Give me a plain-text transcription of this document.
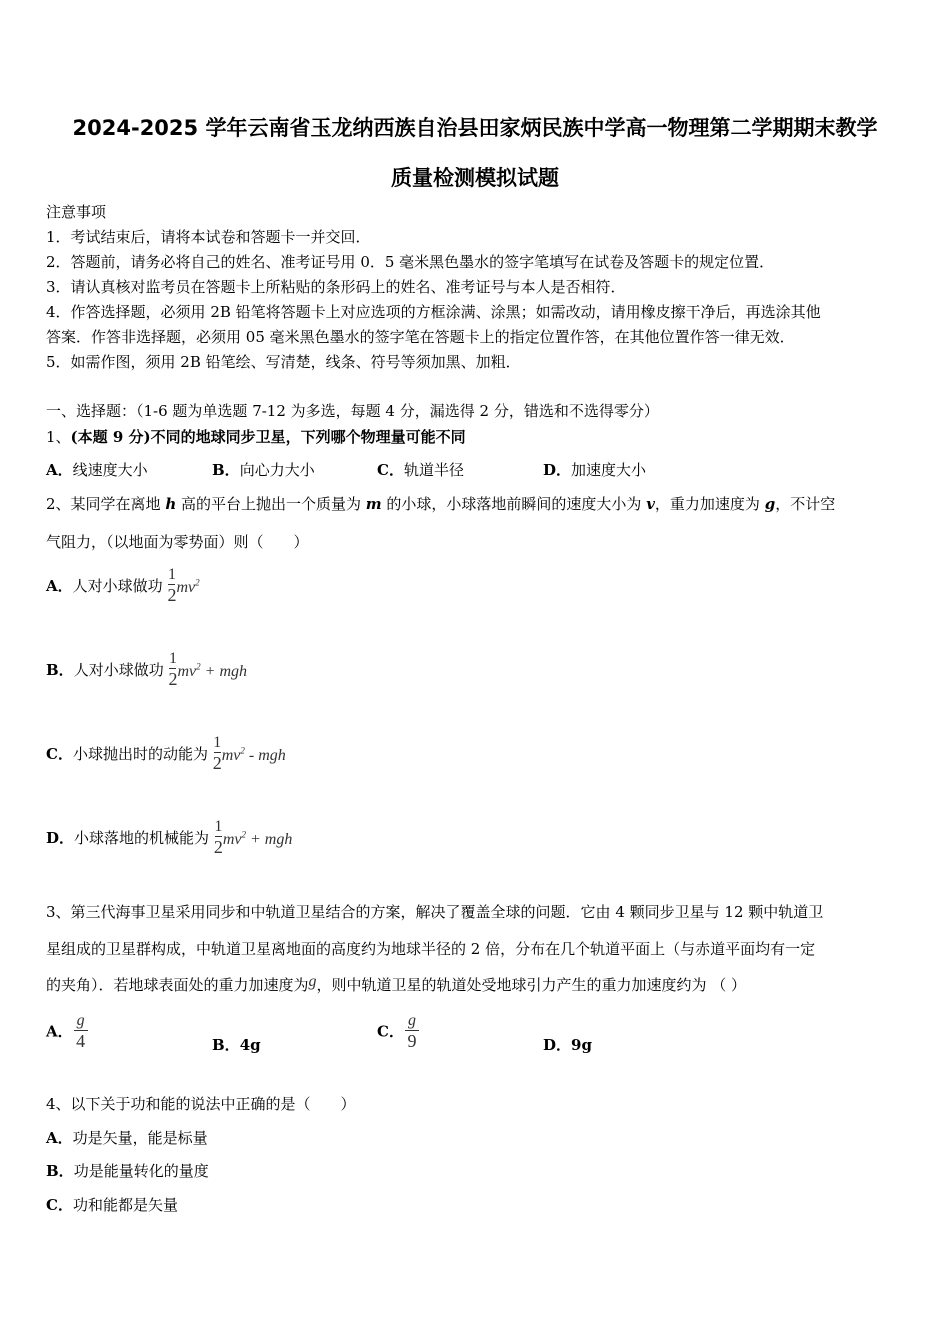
2024-2025 学年云南省玉龙纳西族自治县田家炳民族中学高一物理第二学期期末教学
质量检测模拟试题
注意事项
1．考试结束后，请将本试卷和答题卡一并交回．
2．答题前，请务必将自己的姓名、准考证号用 0．5 毫米黑色墨水的签字笔填写在试卷及答题卡的规定位置．
3．请认真核对监考员在答题卡上所粘贴的条形码上的姓名、准考证号与本人是否相符．
4．作答选择题，必须用 2B 铅笔将答题卡上对应选项的方框涂满、涂黑；如需改动，请用橡皮擦干净后，再选涂其他
答案．作答非选择题，必须用 05 毫米黑色墨水的签字笔在答题卡上的指定位置作答，在其他位置作答一律无效．
5．如需作图，须用 2B 铅笔绘、写清楚，线条、符号等须加黑、加粗．
一、选择题：（1-6 题为单选题 7-12 为多选，每题 4 分，漏选得 2 分，错选和不选得零分）
1、(本题 9 分)不同的地球同步卫星，下列哪个物理量可能不同
A．线速度大小	B．向心力大小	C．轨道半径	D．加速度大小
2、某同学在离地 h 高的平台上抛出一个质量为 m 的小球，小球落地前瞬间的速度大小为 v，重力加速度为 g，不计空
气阻力，（以地面为零势面）则（　　）
A．人对小球做功 $\frac{1}{2} mv^2$
B．人对小球做功 $\frac{1}{2} mv^2$ + mgh
C．小球抛出时的动能为 $\frac{1}{2} mv^2$ - mgh
D．小球落地的机械能为 $\frac{1}{2} mv^2$ + mgh
3、第三代海事卫星采用同步和中轨道卫星结合的方案，解决了覆盖全球的问题．它由 4 颗同步卫星与 12 颗中轨道卫
星组成的卫星群构成，中轨道卫星离地面的高度约为地球半径的 2 倍，分布在几个轨道平面上（与赤道平面均有一定
的夹角）．若地球表面处的重力加速度为g，则中轨道卫星的轨道处受地球引力产生的重力加速度约为 （ ）
A． $\frac{g}{4}$	B．4g
C． $\frac{g}{9}$	D．9g
4、以下关于功和能的说法中正确的是（　　）
A．功是矢量，能是标量
B．功是能量转化的量度
C．功和能都是矢量
